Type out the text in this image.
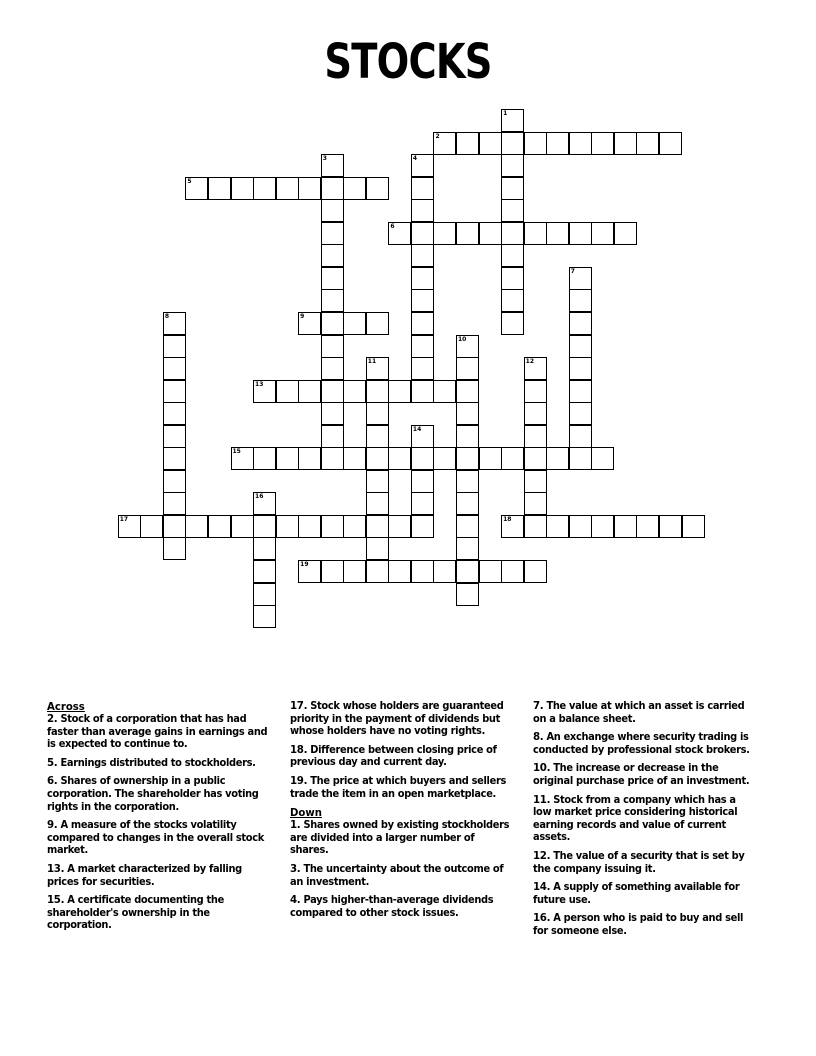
STOCKS
1
2
3	4
5
6
7
8	9
10
11	12
13
14
15
16
17	18
19
Across
2. Stock of a corporation that has had faster than average gains in earnings and is expected to continue to.
5. Earnings distributed to stockholders.
6. Shares of ownership in a public corporation. The shareholder has voting rights in the corporation.
9. A measure of the stocks volatility compared to changes in the overall stock market.
13. A market characterized by falling prices for securities.
15. A certificate documenting the shareholder's ownership in the corporation.
17. Stock whose holders are guaranteed priority in the payment of dividends but whose holders have no voting rights.
18. Difference between closing price of previous day and current day.
19. The price at which buyers and sellers trade the item in an open marketplace.
Down
1. Shares owned by existing stockholders are divided into a larger number of shares.
3. The uncertainty about the outcome of an investment.
4. Pays higher-than-average dividends compared to other stock issues.
7. The value at which an asset is carried on a balance sheet.
8. An exchange where security trading is conducted by professional stock brokers.
10. The increase or decrease in the original purchase price of an investment.
11. Stock from a company which has a low market price considering historical earning records and value of current assets.
12. The value of a security that is set by the company issuing it.
14. A supply of something available for future use.
16. A person who is paid to buy and sell for someone else.
